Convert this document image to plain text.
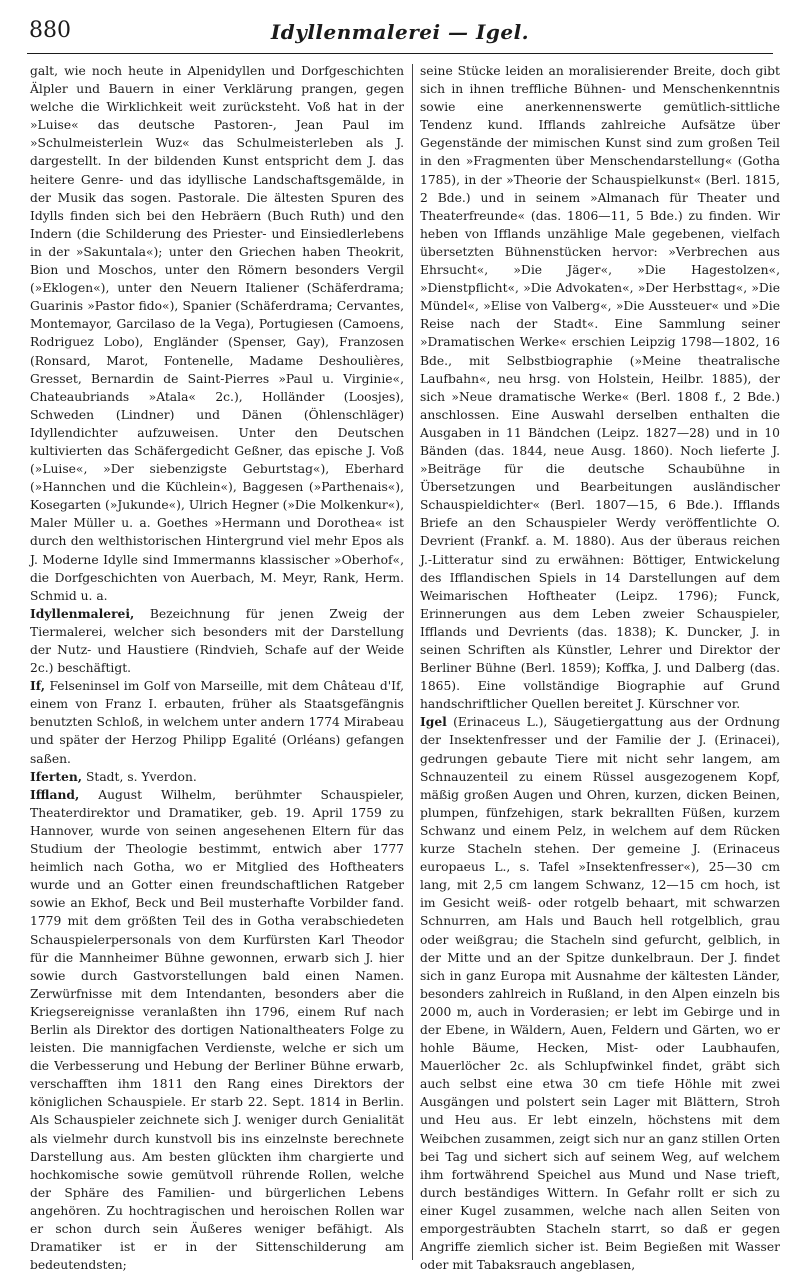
880	Idyllenmalerei — Igel.

galt, wie noch heute in Alpenidyllen und Dorfgeschichten Älpler und Bauern in einer Verklärung prangen, gegen welche die Wirklichkeit weit zurücksteht. Voß hat in der »Luise« das deutsche Pastoren-, Jean Paul im »Schulmeisterlein Wuz« das Schulmeisterleben als J. dargestellt. In der bildenden Kunst entspricht dem J. das heitere Genre- und das idyllische Landschaftsgemälde, in der Musik das sogen. Pastorale. Die ältesten Spuren des Idylls finden sich bei den Hebräern (Buch Ruth) und den Indern (die Schilderung des Priester- und Einsiedlerlebens in der »Sakuntala«); unter den Griechen haben Theokrit, Bion und Moschos, unter den Römern besonders Vergil (»Eklogen«), unter den Neuern Italiener (Schäferdrama; Guarinis »Pastor fido«), Spanier (Schäferdrama; Cervantes, Montemayor, Garcilaso de la Vega), Portugiesen (Camoens, Rodriguez Lobo), Engländer (Spenser, Gay), Franzosen (Ronsard, Marot, Fontenelle, Madame Deshoulières, Gresset, Bernardin de Saint-Pierres »Paul u. Virginie«, Chateaubriands »Atala« 2c.), Holländer (Loosjes), Schweden (Lindner) und Dänen (Öhlenschläger) Idyllendichter aufzuweisen. Unter den Deutschen kultivierten das Schäfergedicht Geßner, das epische J. Voß (»Luise«, »Der siebenzigste Geburtstag«), Eberhard (»Hannchen und die Küchlein«), Baggesen (»Parthenais«), Kosegarten (»Jukunde«), Ulrich Hegner (»Die Molkenkur«), Maler Müller u. a. Goethes »Hermann und Dorothea« ist durch den welthistorischen Hintergrund viel mehr Epos als J. Moderne Idylle sind Immermanns klassischer »Oberhof«, die Dorfgeschichten von Auerbach, M. Meyr, Rank, Herm. Schmid u. a.

Idyllenmalerei, Bezeichnung für jenen Zweig der Tiermalerei, welcher sich besonders mit der Darstellung der Nutz- und Haustiere (Rindvieh, Schafe auf der Weide 2c.) beschäftigt.

If, Felseninsel im Golf von Marseille, mit dem Château d'If, einem von Franz I. erbauten, früher als Staatsgefängnis benutzten Schloß, in welchem unter andern 1774 Mirabeau und später der Herzog Philipp Egalité (Orléans) gefangen saßen.

Iferten, Stadt, s. Yverdon.

Iffland, August Wilhelm, berühmter Schauspieler, Theaterdirektor und Dramatiker, geb. 19. April 1759 zu Hannover, wurde von seinen angesehenen Eltern für das Studium der Theologie bestimmt, entwich aber 1777 heimlich nach Gotha, wo er Mitglied des Hoftheaters wurde und an Gotter einen freundschaftlichen Ratgeber sowie an Ekhof, Beck und Beil musterhafte Vorbilder fand. 1779 mit dem größten Teil des in Gotha verabschiedeten Schauspielerpersonals von dem Kurfürsten Karl Theodor für die Mannheimer Bühne gewonnen, erwarb sich J. hier sowie durch Gastvorstellungen bald einen Namen. Zerwürfnisse mit dem Intendanten, besonders aber die Kriegsereignisse veranlaßten ihn 1796, einem Ruf nach Berlin als Direktor des dortigen Nationaltheaters Folge zu leisten. Die mannigfachen Verdienste, welche er sich um die Verbesserung und Hebung der Berliner Bühne erwarb, verschafften ihm 1811 den Rang eines Direktors der königlichen Schauspiele. Er starb 22. Sept. 1814 in Berlin. Als Schauspieler zeichnete sich J. weniger durch Genialität als vielmehr durch kunstvoll bis ins einzelnste berechnete Darstellung aus. Am besten glückten ihm chargierte und hochkomische sowie gemütvoll rührende Rollen, welche der Sphäre des Familien- und bürgerlichen Lebens angehören. Zu hochtragischen und heroischen Rollen war er schon durch sein Äußeres weniger befähigt. Als Dramatiker ist er in der Sittenschilderung am bedeutendsten;

seine Stücke leiden an moralisierender Breite, doch gibt sich in ihnen treffliche Bühnen- und Menschenkenntnis sowie eine anerkennenswerte gemütlich-sittliche Tendenz kund. Ifflands zahlreiche Aufsätze über Gegenstände der mimischen Kunst sind zum großen Teil in den »Fragmenten über Menschendarstellung« (Gotha 1785), in der »Theorie der Schauspielkunst« (Berl. 1815, 2 Bde.) und in seinem »Almanach für Theater und Theaterfreunde« (das. 1806—11, 5 Bde.) zu finden. Wir heben von Ifflands unzählige Male gegebenen, vielfach übersetzten Bühnenstücken hervor: »Verbrechen aus Ehrsucht«, »Die Jäger«, »Die Hagestolzen«, »Dienstpflicht«, »Die Advokaten«, »Der Herbsttag«, »Die Mündel«, »Elise von Valberg«, »Die Aussteuer« und »Die Reise nach der Stadt«. Eine Sammlung seiner »Dramatischen Werke« erschien Leipzig 1798—1802, 16 Bde., mit Selbstbiographie (»Meine theatralische Laufbahn«, neu hrsg. von Holstein, Heilbr. 1885), der sich »Neue dramatische Werke« (Berl. 1808 f., 2 Bde.) anschlossen. Eine Auswahl derselben enthalten die Ausgaben in 11 Bändchen (Leipz. 1827—28) und in 10 Bänden (das. 1844, neue Ausg. 1860). Noch lieferte J. »Beiträge für die deutsche Schaubühne in Übersetzungen und Bearbeitungen ausländischer Schauspieldichter« (Berl. 1807—15, 6 Bde.). Ifflands Briefe an den Schauspieler Werdy veröffentlichte O. Devrient (Frankf. a. M. 1880). Aus der überaus reichen J.-Litteratur sind zu erwähnen: Böttiger, Entwickelung des Ifflandischen Spiels in 14 Darstellungen auf dem Weimarischen Hoftheater (Leipz. 1796); Funck, Erinnerungen aus dem Leben zweier Schauspieler, Ifflands und Devrients (das. 1838); K. Duncker, J. in seinen Schriften als Künstler, Lehrer und Direktor der Berliner Bühne (Berl. 1859); Koffka, J. und Dalberg (das. 1865). Eine vollständige Biographie auf Grund handschriftlicher Quellen bereitet J. Kürschner vor.

Igel (Erinaceus L.), Säugetiergattung aus der Ordnung der Insektenfresser und der Familie der J. (Erinacei), gedrungen gebaute Tiere mit nicht sehr langem, am Schnauzenteil zu einem Rüssel ausgezogenem Kopf, mäßig großen Augen und Ohren, kurzen, dicken Beinen, plumpen, fünfzehigen, stark bekrallten Füßen, kurzem Schwanz und einem Pelz, in welchem auf dem Rücken kurze Stacheln stehen. Der gemeine J. (Erinaceus europaeus L., s. Tafel »Insektenfresser«), 25—30 cm lang, mit 2,5 cm langem Schwanz, 12—15 cm hoch, ist im Gesicht weiß- oder rotgelb behaart, mit schwarzen Schnurren, am Hals und Bauch hell rotgelblich, grau oder weißgrau; die Stacheln sind gefurcht, gelblich, in der Mitte und an der Spitze dunkelbraun. Der J. findet sich in ganz Europa mit Ausnahme der kältesten Länder, besonders zahlreich in Rußland, in den Alpen einzeln bis 2000 m, auch in Vorderasien; er lebt im Gebirge und in der Ebene, in Wäldern, Auen, Feldern und Gärten, wo er hohle Bäume, Hecken, Mist- oder Laubhaufen, Mauerlöcher 2c. als Schlupfwinkel findet, gräbt sich auch selbst eine etwa 30 cm tiefe Höhle mit zwei Ausgängen und polstert sein Lager mit Blättern, Stroh und Heu aus. Er lebt einzeln, höchstens mit dem Weibchen zusammen, zeigt sich nur an ganz stillen Orten bei Tag und sichert sich auf seinem Weg, auf welchem ihm fortwährend Speichel aus Mund und Nase trieft, durch beständiges Wittern. In Gefahr rollt er sich zu einer Kugel zusammen, welche nach allen Seiten von emporgesträubten Stacheln starrt, so daß er gegen Angriffe ziemlich sicher ist. Beim Begießen mit Wasser oder mit Tabaksrauch angeblasen,
